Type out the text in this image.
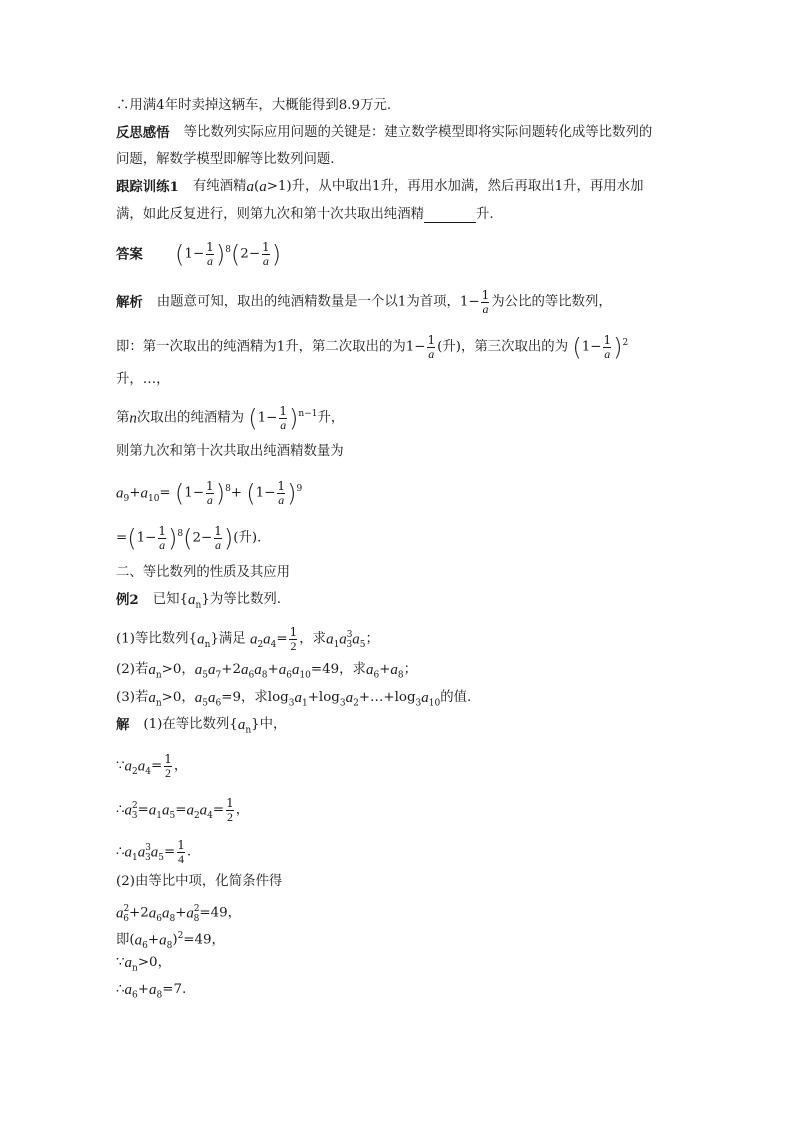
∴用满4年时卖掉这辆车，大概能得到8.9万元.
反思感悟 等比数列实际应用问题的关键是：建立数学模型即将实际问题转化成等比数列的
问题，解数学模型即解等比数列问题.
跟踪训练1 有纯酒精a(a>1)升，从中取出1升，再用水加满，然后再取出1升，再用水加
满，如此反复进行，则第九次和第十次共取出纯酒精	升.
答案 $(1- \frac{1}{a} )^8(2- \frac{1}{a}$ )
解析 由题意可知，取出的纯酒精数量是一个以1为首项，$1- \frac{1}{a}$ 为公比的等比数列，
即：第一次取出的纯酒精为1升，第二次取出的为$1- \frac{1}{a}$ (升)，第三次取出的为 $(1- \frac{1}{a} )^2$
升，…，
第n次取出的纯酒精为 $(1- \frac{1}{a} )^{n-1}$升，
则第九次和第十次共取出纯酒精数量为
$a_9+a_{10}= (1- \frac{1}{a} )^8+ (1- \frac{1}{a} )^9$
$=(1- \frac{1}{a} )^8(2- \frac{1}{a}$ )(升).
二、等比数列的性质及其应用
例2 已知$\{a_n\}$为等比数列.
(1)等比数列$\{a_n\}$满足 $a_2a_4= \frac{1}{2}$ ，求$a_1a^3_3a_5$；
(2)若$a_n>0$，$a_5a_7+2a_6a_8+a_6a_{10}=49$，求$a_6+a_8$；
(3)若$a_n>0$，$a_5a_6=9$，求$\log_3a_1+\log_3a_2+\dots+\log_3a_{10}$的值.
解 (1)在等比数列$\{a_n\}$中，
$\because a_2a_4= \frac{1}{2}$ ，
$\therefore a^2_3=a_1a_5=a_2a_4= \frac{1}{2}$ ，
$\therefore a_1a^3_3a_5= \frac{1}{4}$ .
(2)由等比中项，化简条件得
$a^2_6+2a_6a_8+a^2_8=49$，
即$(a_6+a_8)^2=49$，
$\because a_n>0$，
$\therefore a_6+a_8=7$.
